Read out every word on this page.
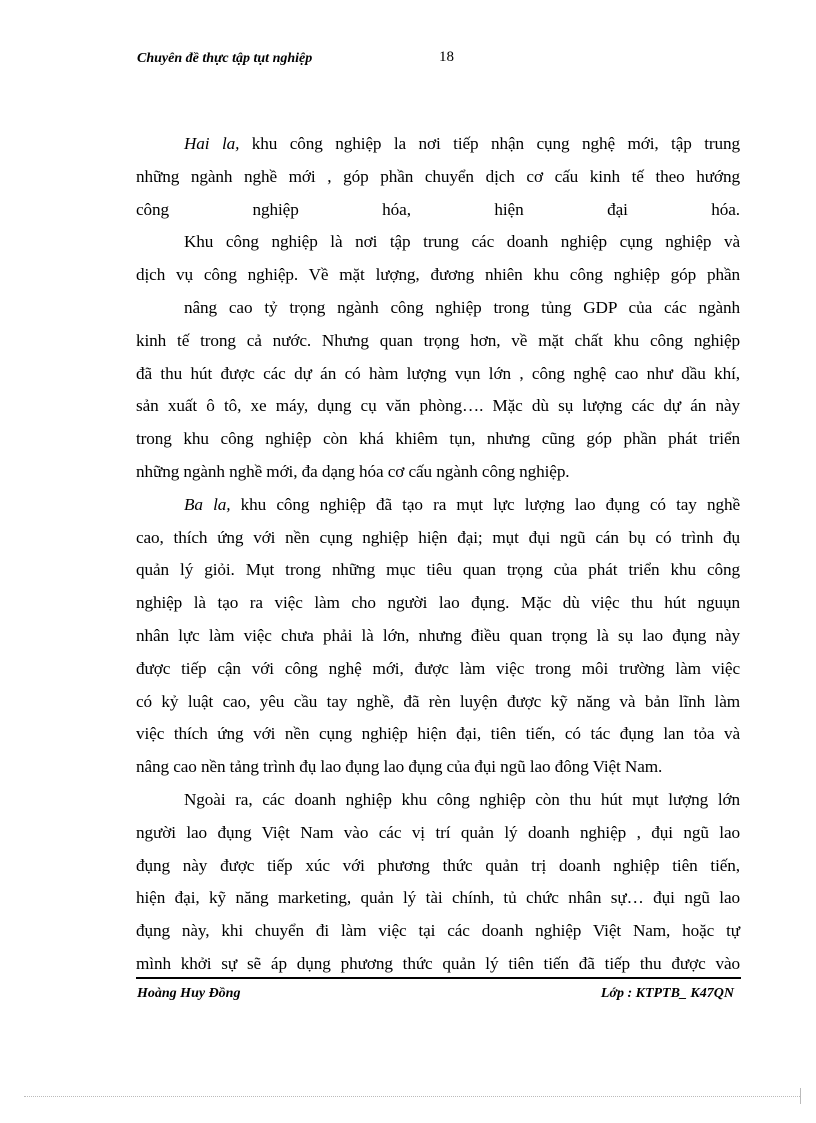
Chuyên đề thực tập tụt nghiệp	18
Hai la, khu công nghiệp la nơi tiếp nhận cụng nghệ mới, tập trung
những ngành nghề mới , góp phần chuyển dịch cơ cấu kinh tế theo hướng
công nghiệp hóa, hiện đại hóa.
Khu công nghiệp là nơi tập trung các doanh nghiệp cụng nghiệp và
dịch vụ công nghiệp. Về mặt lượng, đương nhiên khu công nghiệp góp phần
nâng cao tỷ trọng ngành công nghiệp trong tủng GDP của các ngành
kinh tế trong cả nước. Nhưng quan trọng hơn, về mặt chất khu công nghiệp
đã thu hút được các dự án có hàm lượng vụn lớn , công nghệ cao như dầu khí,
sản xuất ô tô, xe máy, dụng cụ văn phòng…. Mặc dù sụ lượng các dự án này
trong khu công nghiệp còn khá khiêm tụn, nhưng cũng góp phần phát triển
những ngành nghề mới, đa dạng hóa cơ cấu ngành công nghiệp.
Ba la, khu công nghiệp đã tạo ra mụt lực lượng lao đụng có tay nghề
cao, thích ứng với nền cụng nghiệp hiện đại; mụt đụi ngũ cán bụ có trình đụ
quản lý giỏi. Mụt trong những mục tiêu quan trọng của phát triển khu công
nghiệp là tạo ra việc làm cho người lao đụng. Mặc dù việc thu hút nguụn
nhân lực làm việc chưa phải là lớn, nhưng điều quan trọng là sụ lao đụng này
được tiếp cận với công nghệ mới, được làm việc trong môi trường làm việc
có kỷ luật cao, yêu cầu tay nghề, đã rèn luyện được kỹ năng và bản lĩnh làm
việc thích ứng với nền cụng nghiệp hiện đại, tiên tiến, có tác đụng lan tỏa và
nâng cao nền tảng trình đụ lao đụng lao đụng của đụi ngũ lao đông Việt Nam.
Ngoài ra, các doanh nghiệp khu công nghiệp còn thu hút mụt lượng lớn
người lao đụng Việt Nam vào các vị trí quản lý doanh nghiệp , đụi ngũ lao
đụng này được tiếp xúc với phương thức quản trị doanh nghiệp tiên tiến,
hiện đại, kỹ năng marketing, quản lý tài chính, tủ chức nhân sự… đụi ngũ lao
đụng này, khi chuyển đi làm việc tại các doanh nghiệp Việt Nam, hoặc tự
mình khởi sự sẽ áp dụng phương thức quản lý tiên tiến đã tiếp thu được vào
Hoàng Huy Đồng	Lớp : KTPTB_ K47QN
